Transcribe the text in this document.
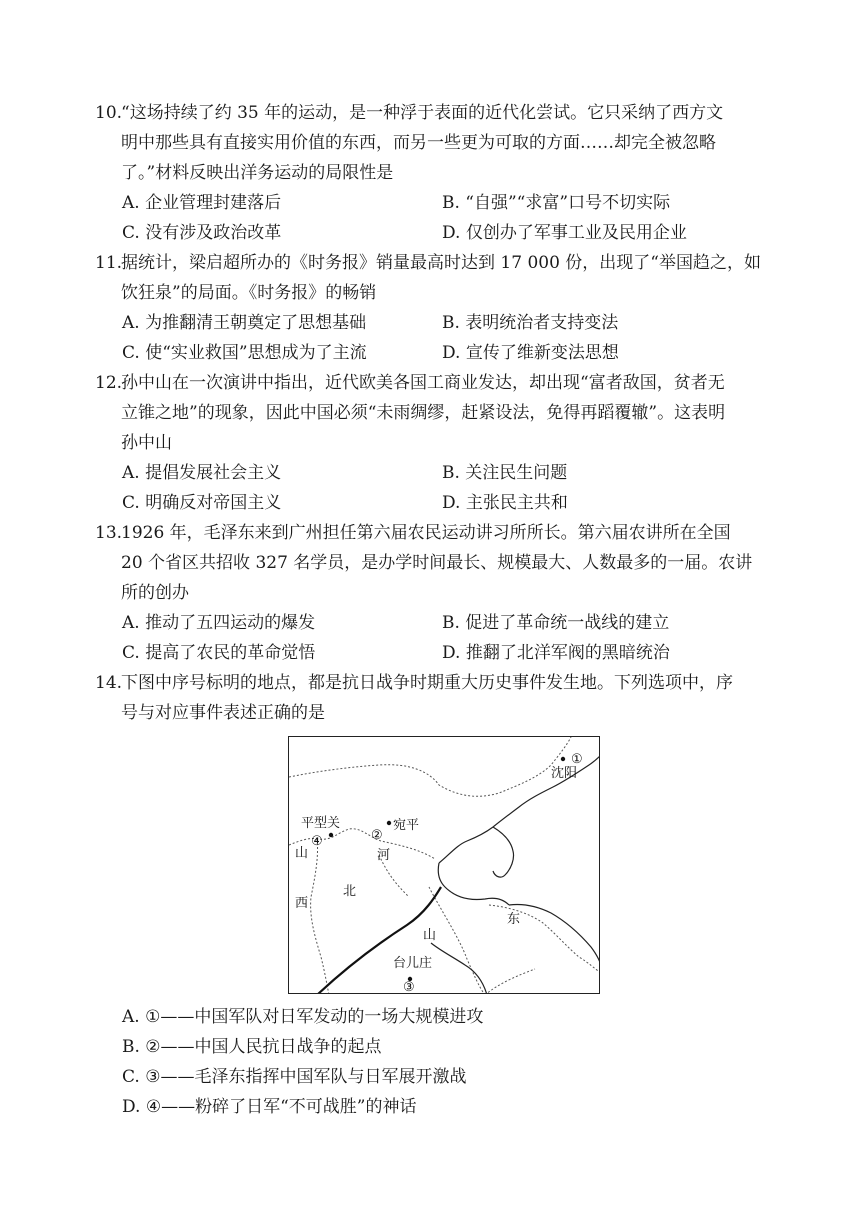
10.
“这场持续了约 35 年的运动，是一种浮于表面的近代化尝试。它只采纳了西方文
明中那些具有直接实用价值的东西，而另一些更为可取的方面……却完全被忽略
了。”材料反映出洋务运动的局限性是
A. 企业管理封建落后	B. “自强”“求富”口号不切实际
C. 没有涉及政治改革	D. 仅创办了军事工业及民用企业
11.
据统计，梁启超所办的《时务报》销量最高时达到 17 000 份，出现了“举国趋之，如
饮狂泉”的局面。《时务报》的畅销
A. 为推翻清王朝奠定了思想基础	B. 表明统治者支持变法
C. 使“实业救国”思想成为了主流	D. 宣传了维新变法思想
12.
孙中山在一次演讲中指出，近代欧美各国工商业发达，却出现“富者敌国，贫者无
立锥之地”的现象，因此中国必须“未雨绸缪，赶紧设法，免得再蹈覆辙”。这表明
孙中山
A. 提倡发展社会主义	B. 关注民生问题
C. 明确反对帝国主义	D. 主张民主共和
13.
1926 年，毛泽东来到广州担任第六届农民运动讲习所所长。第六届农讲所在全国
20 个省区共招收 327 名学员，是办学时间最长、规模最大、人数最多的一届。农讲
所的创办
A. 推动了五四运动的爆发	B. 促进了革命统一战线的建立
C. 提高了农民的革命觉悟	D. 推翻了北洋军阀的黑暗统治
14.
下图中序号标明的地点，都是抗日战争时期重大历史事件发生地。下列选项中，序
号与对应事件表述正确的是
①
沈阳
平型关
④	②
宛平
河
山
西
北
东
山
台儿庄
③
A. ①——中国军队对日军发动的一场大规模进攻
B. ②——中国人民抗日战争的起点
C. ③——毛泽东指挥中国军队与日军展开激战
D. ④——粉碎了日军“不可战胜”的神话
